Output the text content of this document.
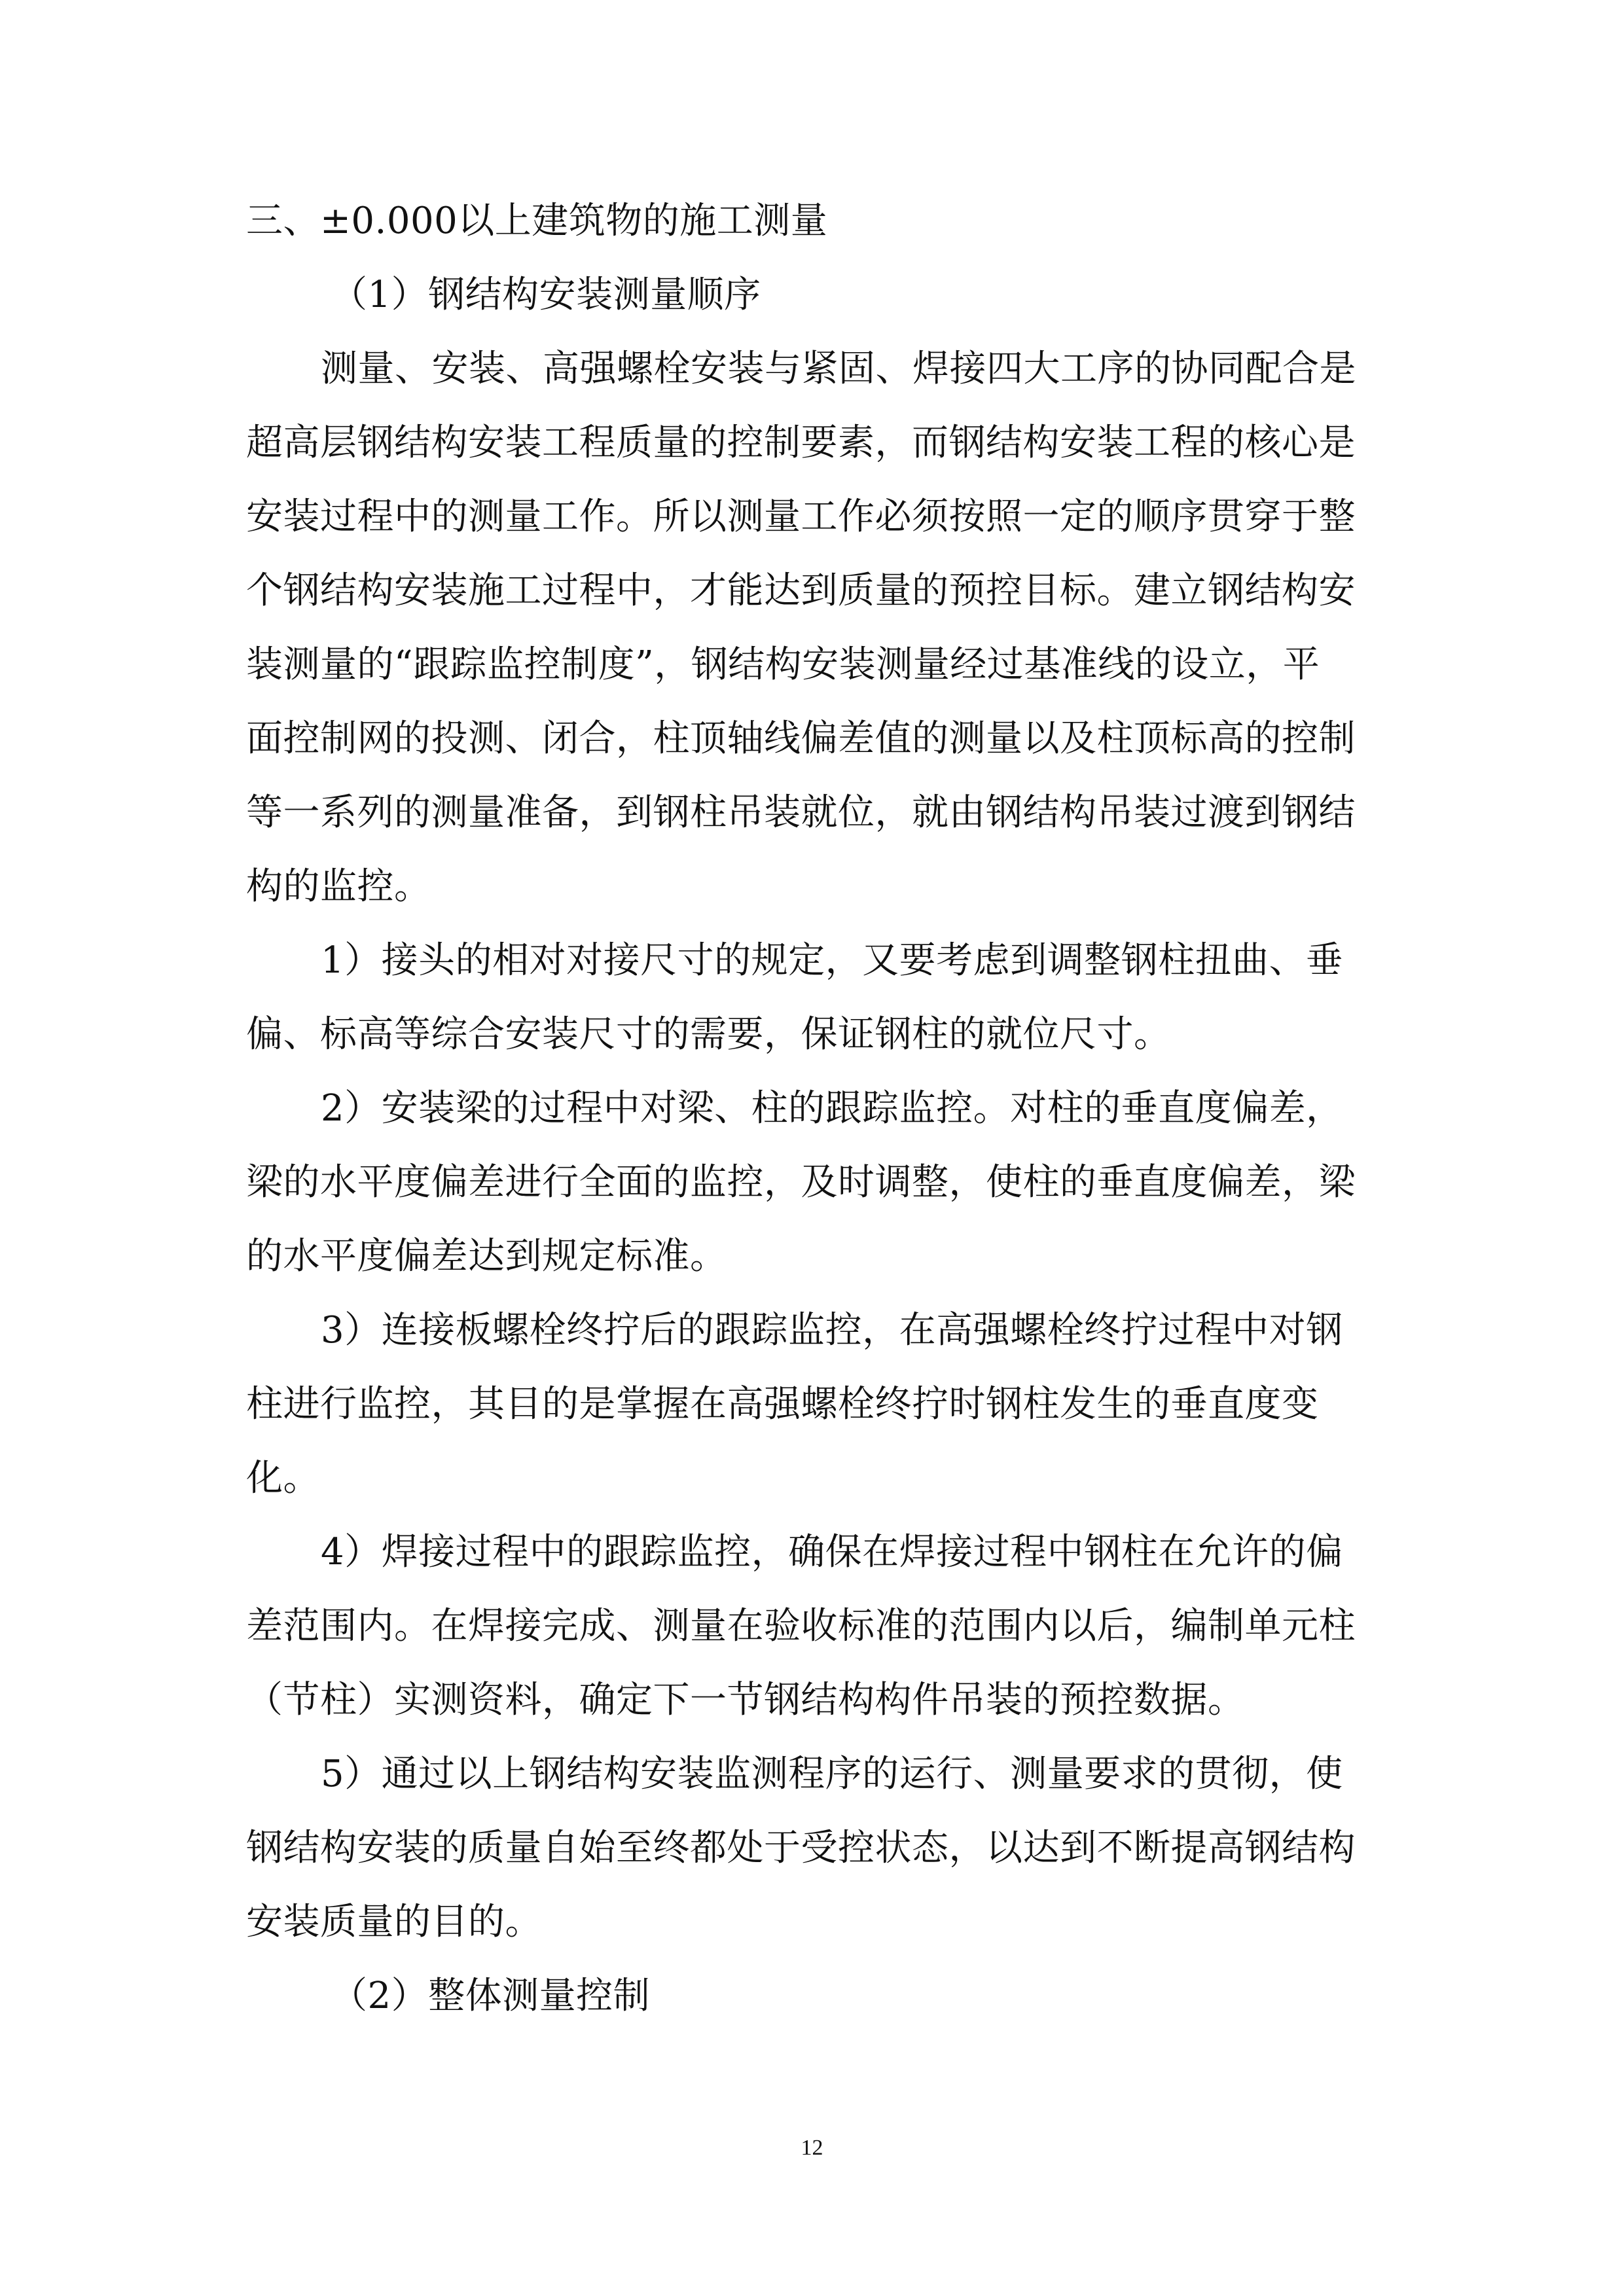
三、±0.000以上建筑物的施工测量
（1）钢结构安装测量顺序
测量、安装、高强螺栓安装与紧固、焊接四大工序的协同配合是
超高层钢结构安装工程质量的控制要素，而钢结构安装工程的核心是
安装过程中的测量工作。所以测量工作必须按照一定的顺序贯穿于整
个钢结构安装施工过程中，才能达到质量的预控目标。建立钢结构安
装测量的“跟踪监控制度”，钢结构安装测量经过基准线的设立，平
面控制网的投测、闭合，柱顶轴线偏差值的测量以及柱顶标高的控制
等一系列的测量准备，到钢柱吊装就位，就由钢结构吊装过渡到钢结
构的监控。
1）接头的相对对接尺寸的规定，又要考虑到调整钢柱扭曲、垂
偏、标高等综合安装尺寸的需要，保证钢柱的就位尺寸。
2）安装梁的过程中对梁、柱的跟踪监控。对柱的垂直度偏差，
梁的水平度偏差进行全面的监控，及时调整，使柱的垂直度偏差，梁
的水平度偏差达到规定标准。
3）连接板螺栓终拧后的跟踪监控，在高强螺栓终拧过程中对钢
柱进行监控，其目的是掌握在高强螺栓终拧时钢柱发生的垂直度变
化。
4）焊接过程中的跟踪监控，确保在焊接过程中钢柱在允许的偏
差范围内。在焊接完成、测量在验收标准的范围内以后，编制单元柱
（节柱）实测资料，确定下一节钢结构构件吊装的预控数据。
5）通过以上钢结构安装监测程序的运行、测量要求的贯彻，使
钢结构安装的质量自始至终都处于受控状态，以达到不断提高钢结构
安装质量的目的。
（2）整体测量控制
12
